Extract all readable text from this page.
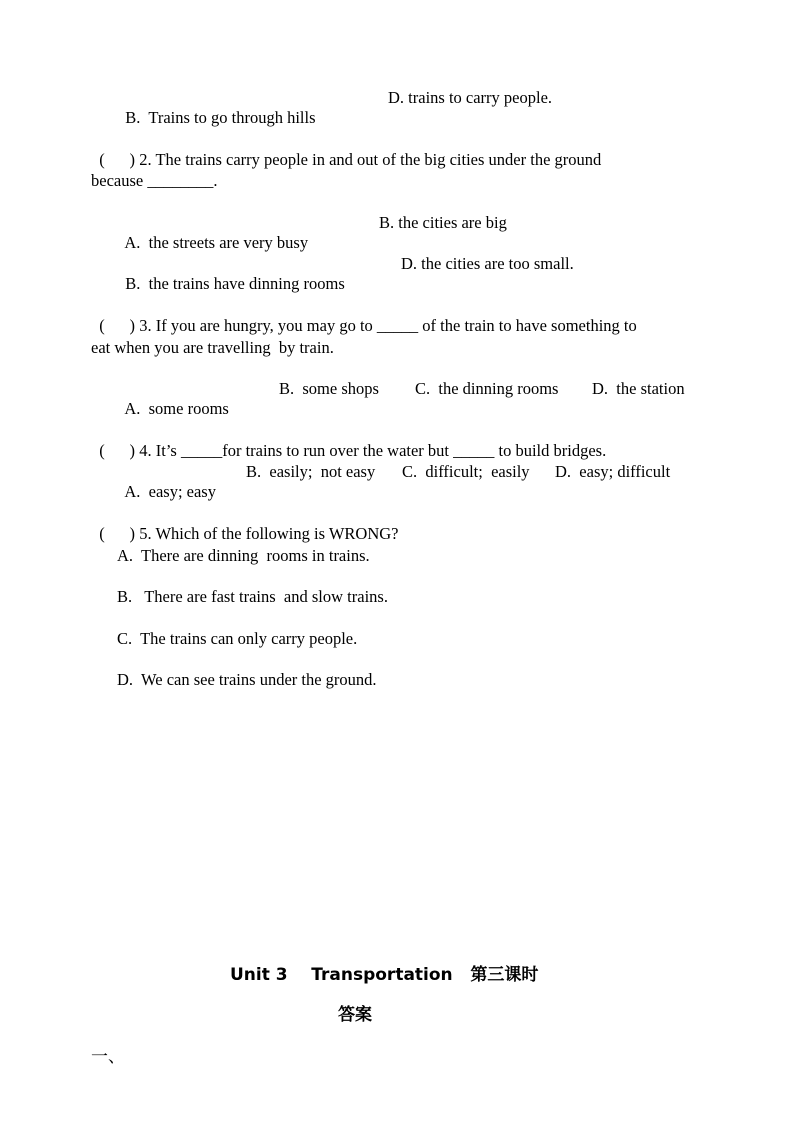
B.  Trains to go through hills

D. trains to carry people.

(      ) 2. The trains carry people in and out of the big cities under the ground

because ________.

A.  the streets are very busy

B. the cities are big

B.  the trains have dinning rooms

D. the cities are too small.

(      ) 3. If you are hungry, you may go to _____ of the train to have something to

eat when you are travelling  by train.

A.  some rooms

B.  some shops

C.  the dinning rooms

D.  the station

(      ) 4. It’s _____for trains to run over the water but _____ to build bridges.

A.  easy; easy

B.  easily;  not easy

C.  difficult;  easily

D.  easy; difficult

(      ) 5. Which of the following is WRONG?

A.  There are dinning  rooms in trains.
B.   There are fast trains  and slow trains.
C.  The trains can only carry people.
D.  We can see trains under the ground.
Unit 3    Transportation   第三课时
答案
一、
